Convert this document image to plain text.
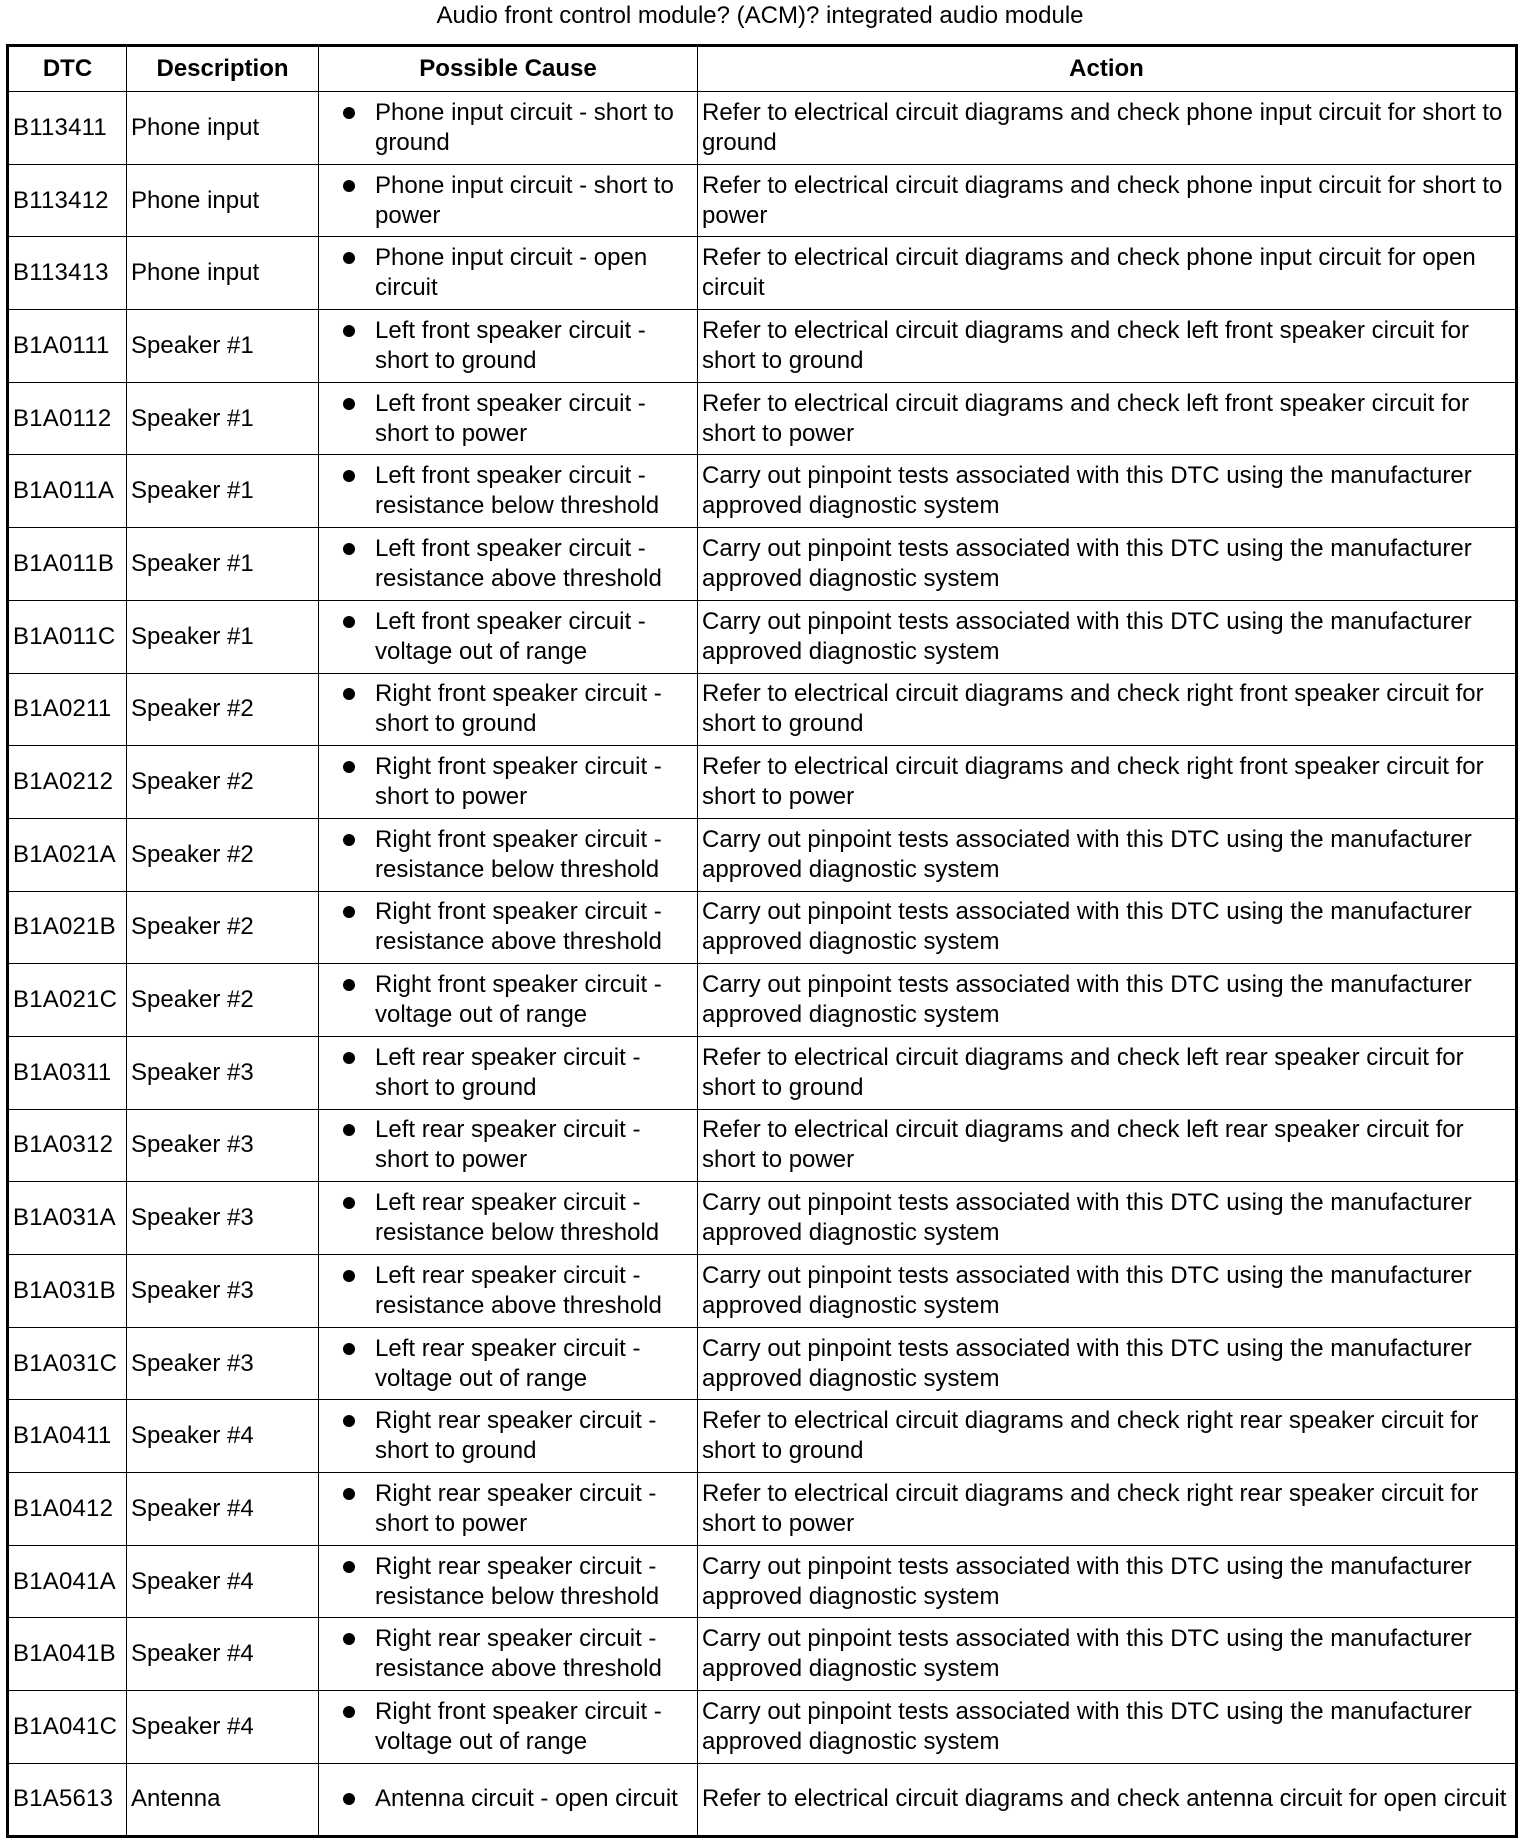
Audio front control module? (ACM)? integrated audio module
DTC	Description	Possible Cause	Action
B113411	Phone input	Phone input circuit - short to ground	Refer to electrical circuit diagrams and check phone input circuit for short to ground
B113412	Phone input	Phone input circuit - short to power	Refer to electrical circuit diagrams and check phone input circuit for short to power
B113413	Phone input	Phone input circuit - open circuit	Refer to electrical circuit diagrams and check phone input circuit for open circuit
B1A0111	Speaker #1	Left front speaker circuit - short to ground	Refer to electrical circuit diagrams and check left front speaker circuit for short to ground
B1A0112	Speaker #1	Left front speaker circuit - short to power	Refer to electrical circuit diagrams and check left front speaker circuit for short to power
B1A011A	Speaker #1	Left front speaker circuit - resistance below threshold	Carry out pinpoint tests associated with this DTC using the manufacturer approved diagnostic system
B1A011B	Speaker #1	Left front speaker circuit - resistance above threshold	Carry out pinpoint tests associated with this DTC using the manufacturer approved diagnostic system
B1A011C	Speaker #1	Left front speaker circuit - voltage out of range	Carry out pinpoint tests associated with this DTC using the manufacturer approved diagnostic system
B1A0211	Speaker #2	Right front speaker circuit - short to ground	Refer to electrical circuit diagrams and check right front speaker circuit for short to ground
B1A0212	Speaker #2	Right front speaker circuit - short to power	Refer to electrical circuit diagrams and check right front speaker circuit for short to power
B1A021A	Speaker #2	Right front speaker circuit - resistance below threshold	Carry out pinpoint tests associated with this DTC using the manufacturer approved diagnostic system
B1A021B	Speaker #2	Right front speaker circuit - resistance above threshold	Carry out pinpoint tests associated with this DTC using the manufacturer approved diagnostic system
B1A021C	Speaker #2	Right front speaker circuit - voltage out of range	Carry out pinpoint tests associated with this DTC using the manufacturer approved diagnostic system
B1A0311	Speaker #3	Left rear speaker circuit - short to ground	Refer to electrical circuit diagrams and check left rear speaker circuit for short to ground
B1A0312	Speaker #3	Left rear speaker circuit - short to power	Refer to electrical circuit diagrams and check left rear speaker circuit for short to power
B1A031A	Speaker #3	Left rear speaker circuit - resistance below threshold	Carry out pinpoint tests associated with this DTC using the manufacturer approved diagnostic system
B1A031B	Speaker #3	Left rear speaker circuit - resistance above threshold	Carry out pinpoint tests associated with this DTC using the manufacturer approved diagnostic system
B1A031C	Speaker #3	Left rear speaker circuit - voltage out of range	Carry out pinpoint tests associated with this DTC using the manufacturer approved diagnostic system
B1A0411	Speaker #4	Right rear speaker circuit - short to ground	Refer to electrical circuit diagrams and check right rear speaker circuit for short to ground
B1A0412	Speaker #4	Right rear speaker circuit - short to power	Refer to electrical circuit diagrams and check right rear speaker circuit for short to power
B1A041A	Speaker #4	Right rear speaker circuit - resistance below threshold	Carry out pinpoint tests associated with this DTC using the manufacturer approved diagnostic system
B1A041B	Speaker #4	Right rear speaker circuit - resistance above threshold	Carry out pinpoint tests associated with this DTC using the manufacturer approved diagnostic system
B1A041C	Speaker #4	Right front speaker circuit - voltage out of range	Carry out pinpoint tests associated with this DTC using the manufacturer approved diagnostic system
B1A5613	Antenna	Antenna circuit - open circuit	Refer to electrical circuit diagrams and check antenna circuit for open circuit
